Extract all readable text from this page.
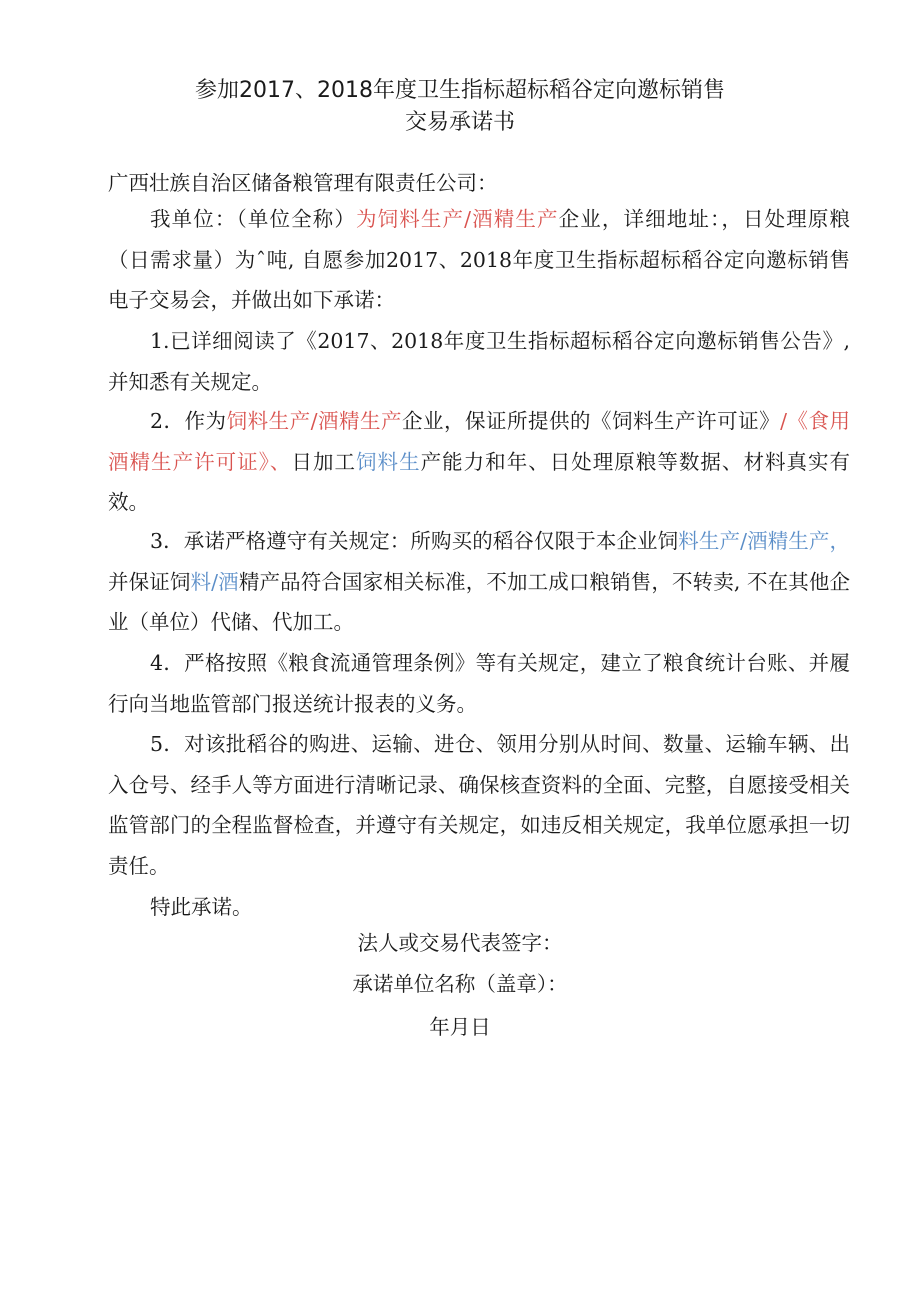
参加2017、2018年度卫生指标超标稻谷定向邀标销售
交易承诺书

广西壮族自治区储备粮管理有限责任公司：

我单位：（单位全称）为饲料生产/酒精生产企业，详细地址：，日处理原粮（日需求量）为ˆ吨, 自愿参加2017、2018年度卫生指标超标稻谷定向邀标销售电子交易会，并做出如下承诺：

1.已详细阅读了《2017、2018年度卫生指标超标稻谷定向邀标销售公告》, 并知悉有关规定。

2．作为饲料生产/酒精生产企业，保证所提供的《饲料生产许可证》/《食用酒精生产许可证》、日加工饲料生产能力和年、日处理原粮等数据、材料真实有效。

3．承诺严格遵守有关规定：所购买的稻谷仅限于本企业饲料生产/酒精生产，并保证饲料/酒精产品符合国家相关标准，不加工成口粮销售，不转卖, 不在其他企业（单位）代储、代加工。

4．严格按照《粮食流通管理条例》等有关规定，建立了粮食统计台账、并履行向当地监管部门报送统计报表的义务。

5．对该批稻谷的购进、运输、进仓、领用分别从时间、数量、运输车辆、出入仓号、经手人等方面进行清晰记录、确保核查资料的全面、完整，自愿接受相关监管部门的全程监督检查，并遵守有关规定，如违反相关规定，我单位愿承担一切责任。

特此承诺。

法人或交易代表签字：
承诺单位名称（盖章）：
年月日
